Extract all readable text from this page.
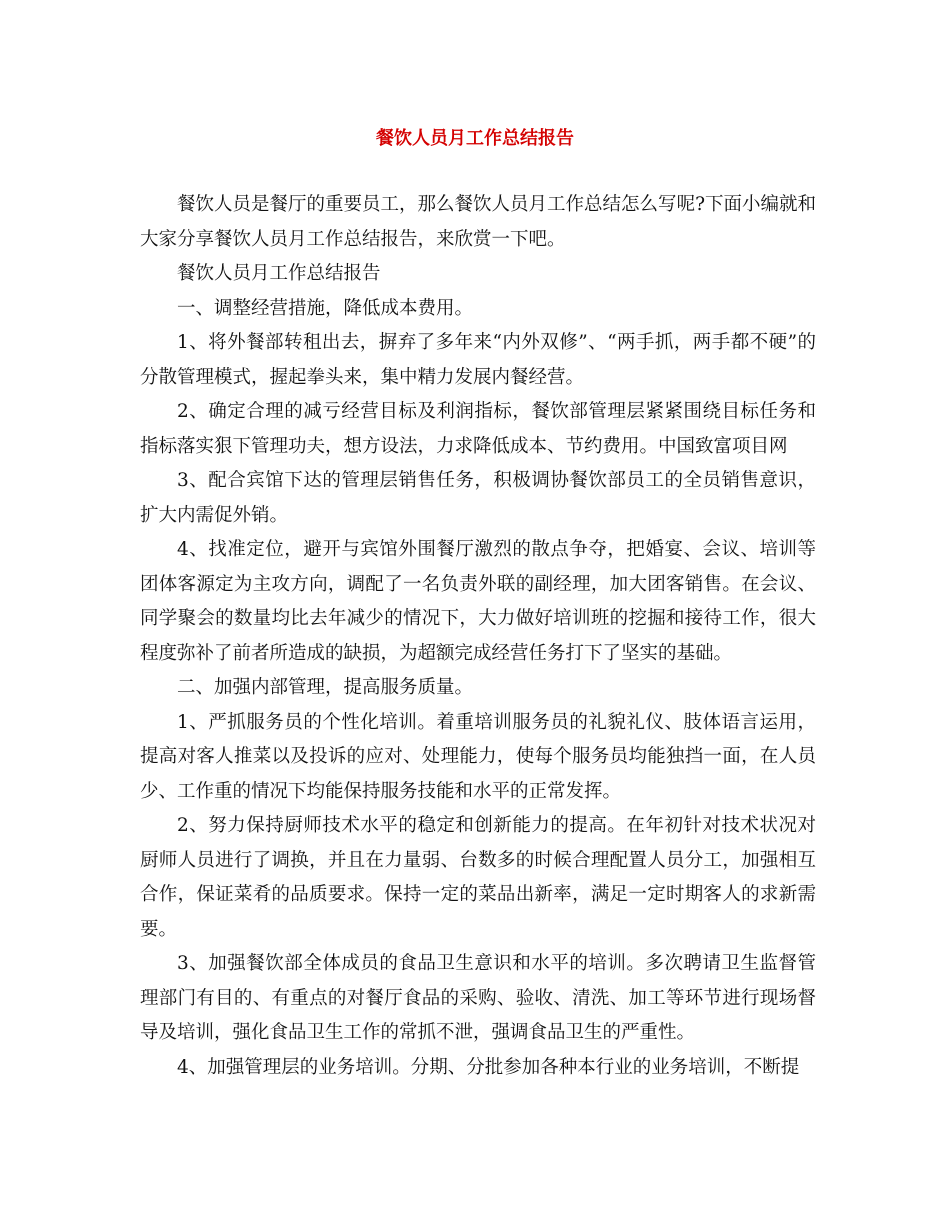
餐饮人员月工作总结报告

餐饮人员是餐厅的重要员工，那么餐饮人员月工作总结怎么写呢?下面小编就和大家分享餐饮人员月工作总结报告，来欣赏一下吧。

餐饮人员月工作总结报告

一、调整经营措施，降低成本费用。

1、将外餐部转租出去，摒弃了多年来“内外双修”、“两手抓，两手都不硬”的分散管理模式，握起拳头来，集中精力发展内餐经营。

2、确定合理的减亏经营目标及利润指标，餐饮部管理层紧紧围绕目标任务和指标落实狠下管理功夫，想方设法，力求降低成本、节约费用。中国致富项目网

3、配合宾馆下达的管理层销售任务，积极调协餐饮部员工的全员销售意识，扩大内需促外销。

4、找准定位，避开与宾馆外围餐厅激烈的散点争夺，把婚宴、会议、培训等团体客源定为主攻方向，调配了一名负责外联的副经理，加大团客销售。在会议、同学聚会的数量均比去年减少的情况下，大力做好培训班的挖掘和接待工作，很大程度弥补了前者所造成的缺损，为超额完成经营任务打下了坚实的基础。

二、加强内部管理，提高服务质量。

1、严抓服务员的个性化培训。着重培训服务员的礼貌礼仪、肢体语言运用，提高对客人推菜以及投诉的应对、处理能力，使每个服务员均能独挡一面，在人员少、工作重的情况下均能保持服务技能和水平的正常发挥。

2、努力保持厨师技术水平的稳定和创新能力的提高。在年初针对技术状况对厨师人员进行了调换，并且在力量弱、台数多的时候合理配置人员分工，加强相互合作，保证菜肴的品质要求。保持一定的菜品出新率，满足一定时期客人的求新需要。

3、加强餐饮部全体成员的食品卫生意识和水平的培训。多次聘请卫生监督管理部门有目的、有重点的对餐厅食品的采购、验收、清洗、加工等环节进行现场督导及培训，强化食品卫生工作的常抓不泄，强调食品卫生的严重性。

4、加强管理层的业务培训。分期、分批参加各种本行业的业务培训，不断提
